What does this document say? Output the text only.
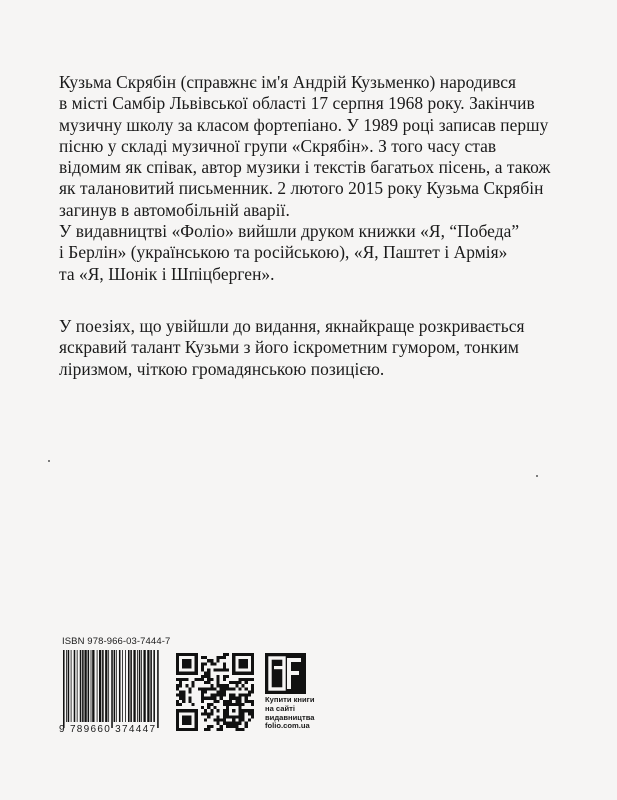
Кузьма Скрябін (справжнє ім'я Андрій Кузьменко) народився
в місті Самбір Львівської області 17 серпня 1968 року. Закінчив
музичну школу за класом фортепіано. У 1989 році записав першу
пісню у складі музичної групи «Скрябін». З того часу став
відомим як співак, автор музики і текстів багатьох пісень, а також
як талановитий письменник. 2 лютого 2015 року Кузьма Скрябін
загинув в автомобільній аварії.
У видавництві «Фоліо» вийшли друком книжки «Я, “Победа”
і Берлін» (українською та російською), «Я, Паштет і Армія»
та «Я, Шонік і Шпіцберген».
У поезіях, що увійшли до видання, якнайкраще розкривається
яскравий талант Кузьми з його іскрометним гумором, тонким
ліризмом, чіткою громадянською позицією.
ISBN 978-966-03-7444-7
9 789660 374447
Купити книги
на сайті
видавництва
folio.com.ua
